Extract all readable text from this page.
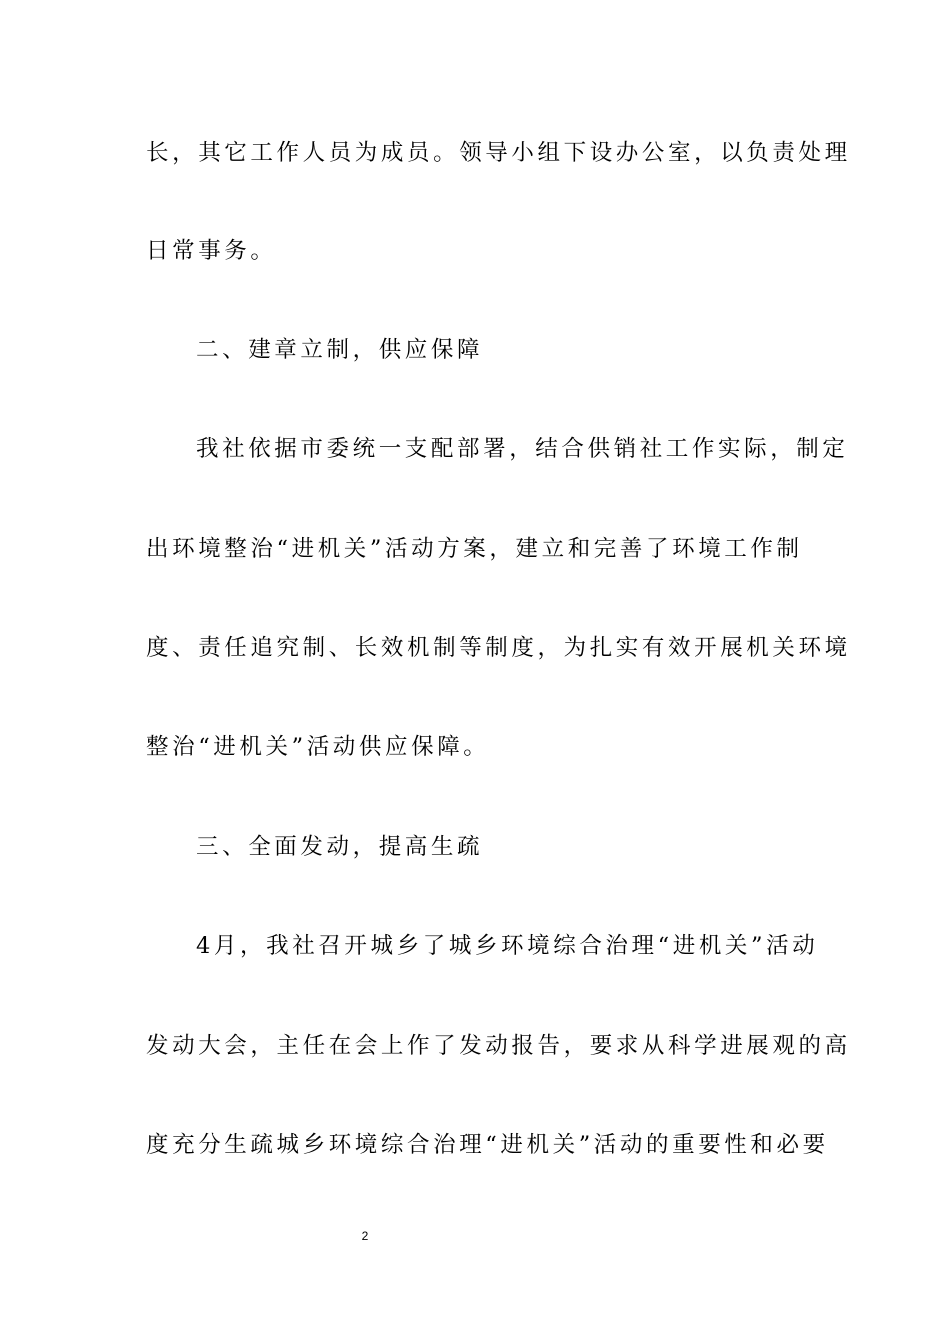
长，其它工作人员为成员。领导小组下设办公室，以负责处理
日常事务。
二、建章立制，供应保障
我社依据市委统一支配部署，结合供销社工作实际，制定
出环境整治“进机关”活动方案，建立和完善了环境工作制
度、责任追究制、长效机制等制度，为扎实有效开展机关环境
整治“进机关”活动供应保障。
三、全面发动，提高生疏
4月，我社召开城乡了城乡环境综合治理“进机关”活动
发动大会，主任在会上作了发动报告，要求从科学进展观的高
度充分生疏城乡环境综合治理“进机关”活动的重要性和必要
2
